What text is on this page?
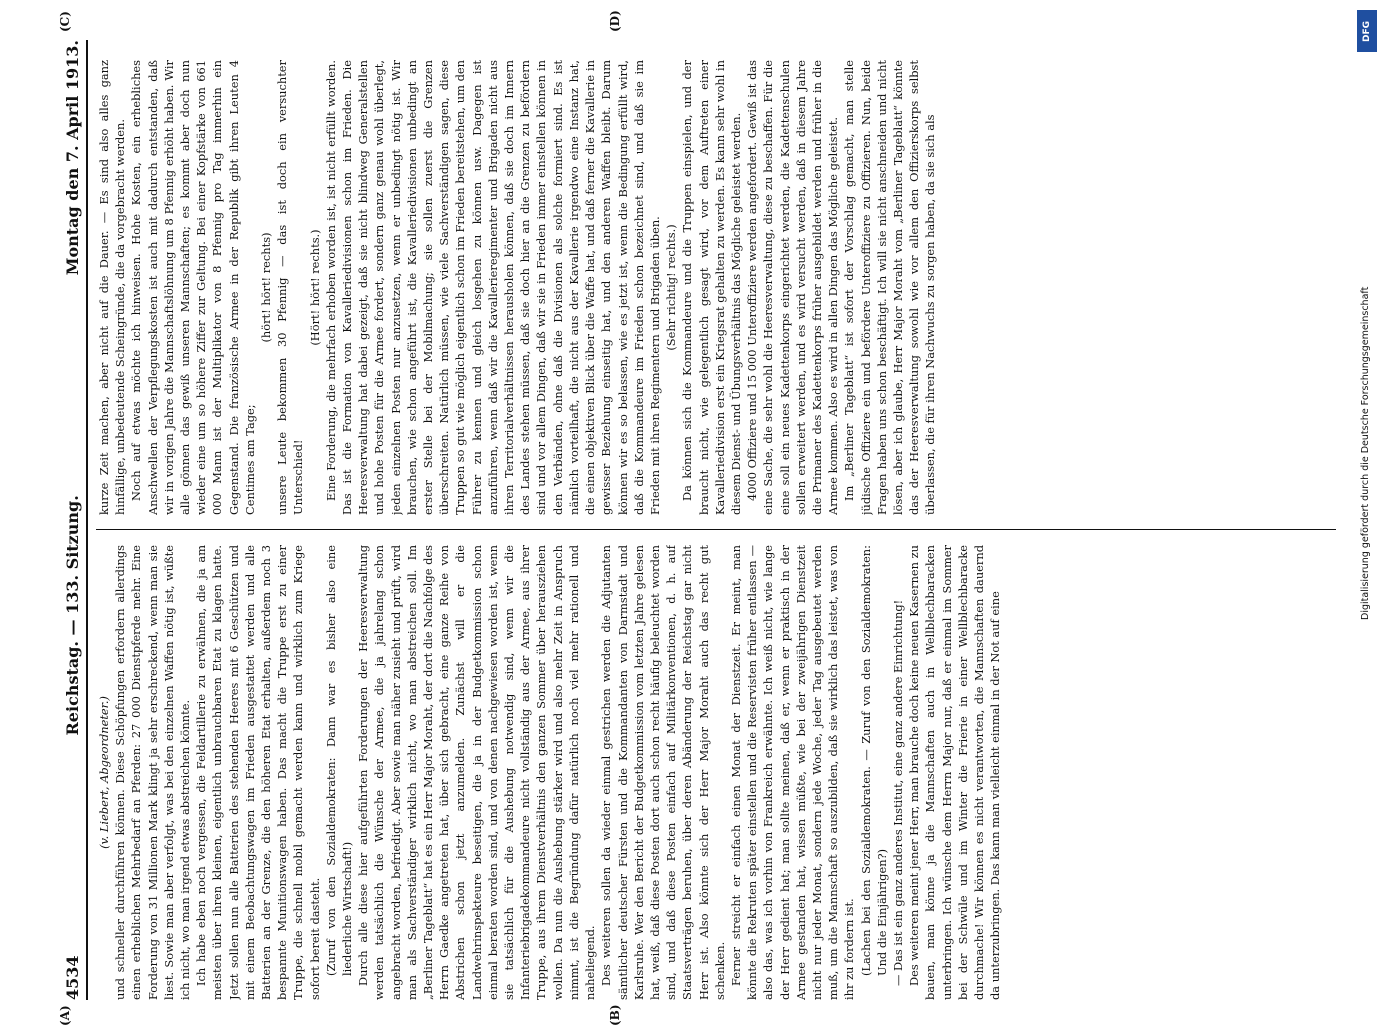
4534
Reichstag. — 133. Sitzung.
Montag den 7. April 1913.
(A)	(B)
(C)	(D)

(v. Liebert, Abgeordneter.) und schneller durchführen können. Diese Schöpfungen erfordern allerdings einen erheblichen Mehrbedarf an Pferden: 27 000 Dienstpferde mehr. Eine Forderung von 31 Millionen Mark klingt ja sehr erschreckend, wenn man sie liest. Sowie man aber verfolgt, was bei den einzelnen Waffen nötig ist, wüßte ich nicht, wo man irgend etwas abstreichen könnte. Ich habe eben noch vergessen, die Feldartillerie zu erwähnen, die ja am meisten über ihren kleinen, eigentlich unbrauchbaren Etat zu klagen hatte. Jetzt sollen nun alle Batterien des stehenden Heeres mit 6 Geschützen und mit einem Beobachtungswagen im Frieden ausgestattet werden und alle Batterien an der Grenze, die den höheren Etat erhalten, außerdem noch 3 bespannte Munitionswagen haben. Das macht die Truppe erst zu einer Truppe, die schnell mobil gemacht werden kann und wirklich zum Kriege sofort bereit dasteht. (Zuruf von den Sozialdemokraten: Dann war es bisher also eine liederliche Wirtschaft!) Durch alle diese hier aufgeführten Forderungen der Heeresverwaltung werden tatsächlich die Wünsche der Armee, die ja jahrelang schon angebracht worden, befriedigt. Aber sowie man näher zusieht und prüft, wird man als Sachverständiger wirklich nicht, wo man abstreichen soll. Im „Berliner Tageblatt“ hat es ein Herr Major Moraht, der dort die Nachfolge des Herrn Gaedke angetreten hat, über sich gebracht, eine ganze Reihe von Abstrichen schon jetzt anzumelden. Zunächst will er die Landwehrinspekteure beseitigen, die ja in der Budgetkommission schon einmal beraten worden sind, und von denen nachgewiesen worden ist, wenn sie tatsächlich für die Aushebung notwendig sind, wenn wir die Infanteriebrigadekommandeure nicht vollständig aus der Armee, aus ihrer Truppe, aus ihrem Dienstverhältnis den ganzen Sommer über herausziehen wollen. Da nun die Aushebung stärker wird und also mehr Zeit in Anspruch nimmt, ist die Begründung dafür natürlich noch viel mehr rationell und naheliegend. Des weiteren sollen da wieder einmal gestrichen werden die Adjutanten sämtlicher deutscher Fürsten und die Kommandanten von Darmstadt und Karlsruhe. Wer den Bericht der Budgetkommission vom letzten Jahre gelesen hat, weiß, daß diese Posten dort auch schon recht häufig beleuchtet worden sind, und daß diese Posten einfach auf Militärkonventionen, d. h. auf Staatsverträgen beruhen, über deren Abänderung der Reichstag gar nicht Herr ist. Also könnte sich der Herr Major Moraht auch das recht gut schenken. Ferner streicht er einfach einen Monat der Dienstzeit. Er meint, man könnte die Rekruten später einstellen und die Reservisten früher entlassen — also das, was ich vorhin von Frankreich erwähnte. Ich weiß nicht, wie lange der Herr gedient hat; man sollte meinen, daß er, wenn er praktisch in der Armee gestanden hat, wissen müßte, wie bei der zweijährigen Dienstzeit nicht nur jeder Monat, sondern jede Woche, jeder Tag ausgebeutet werden muß, um die Mannschaft so auszubilden, daß sie wirklich das leistet, was von ihr zu fordern ist. (Lachen bei den Sozialdemokraten. — Zuruf von den Sozialdemokraten: Und die Einjährigen?) — Das ist ein ganz anderes Institut, eine ganz andere Einrichtung! Des weiteren meint jener Herr, man brauche doch keine neuen Kasernen zu bauen, man könne ja die Mannschaften auch in Wellblechbaracken unterbringen. Ich wünsche dem Herrn Major nur, daß er einmal im Sommer bei der Schwüle und im Winter die Frierie in einer Wellblechbaracke durchmache! Wir können es nicht verantworten, die Mannschaften dauernd da unterzubringen. Das kann man vielleicht einmal in der Not auf eine

kurze Zeit machen, aber nicht auf die Dauer. — Es sind also alles ganz hinfällige, unbedeutende Scheingründe, die da vorgebracht werden. Noch auf etwas möchte ich hinweisen. Hohe Kosten, ein erhebliches Anschwellen der Verpflegungskosten ist auch mit dadurch entstanden, daß wir in vorigen Jahre die Mannschaftslöhnung um 8 Pfennig erhöht haben. Wir alle gönnen das gewiß unseren Mannschaften; es kommt aber doch nun wieder eine um so höhere Ziffer zur Geltung. Bei einer Kopfstärke von 661 000 Mann ist der Multiplikator von 8 Pfennig pro Tag immerhin ein Gegenstand. Die französische Armee in der Republik gibt ihren Leuten 4 Centimes am Tage;

(hört! hört! rechts) unsere Leute bekommen 30 Pfennig — das ist doch ein versuchter Unterschied!

(Hört! hört! rechts.) Eine Forderung, die mehrfach erhoben worden ist, ist nicht erfüllt worden. Das ist die Formation von Kavalleriedivisionen schon im Frieden. Die Heeresverwaltung hat dabei gezeigt, daß sie nicht blindweg Generalstellen und hohe Posten für die Armee fordert, sondern ganz genau wohl überlegt, jeden einzelnen Posten nur anzusetzen, wenn er unbedingt nötig ist. Wir brauchen, wie schon angeführt ist, die Kavalleriedivisionen unbedingt an erster Stelle bei der Mobilmachung; sie sollen zuerst die Grenzen überschreiten. Natürlich müssen, wie viele Sachverständigen sagen, diese Truppen so gut wie möglich eigentlich schon im Frieden bereitstehen, um den Führer zu kennen und gleich losgehen zu können usw. Dagegen ist anzuführen, wenn daß wir die Kavallerieregimenter und Brigaden nicht aus ihren Territorialverhältnissen herausholen können, daß sie doch im Innern des Landes stehen müssen, daß sie doch hier an die Grenzen zu befördern sind und vor allem Dingen, daß wir sie in Frieden immer einstellen können in den Verbänden, ohne daß die Divisionen als solche formiert sind. Es ist nämlich vorteilhaft, die nicht aus der Kavallerie irgendwo eine Instanz hat, die einen objektiven Blick über die Waffe hat, und daß ferner die Kavallerie in gewisser Beziehung einseitig hat, und den anderen Waffen bleibt. Darum können wir es so belassen, wie es jetzt ist, wenn die Bedingung erfüllt wird, daß die Kommandeure im Frieden schon bezeichnet sind, und daß sie im Frieden mit ihren Regimentern und Brigaden üben. (Sehr richtig! rechts.) Da können sich die Kommandeure und die Truppen einspielen, und der braucht nicht, wie gelegentlich gesagt wird, vor dem Auftreten einer Kavalleriedivision erst ein Kriegsrat gehalten zu werden. Es kann sehr wohl in diesem Dienst- und Übungsverhältnis das Mögliche geleistet werden. 4000 Offiziere und 15 000 Unteroffiziere werden angefordert. Gewiß ist das eine Sache, die sehr wohl die Heeresverwaltung, diese zu beschaffen. Für die eine soll ein neues Kadettenkorps eingerichtet werden, die Kadettenschulen sollen erweitert werden, und es wird versucht werden, daß in diesem Jahre die Primaner des Kadettenkorps früher ausgebildet werden und früher in die Armee kommen. Also es wird in allen Dingen das Mögliche geleistet. Im „Berliner Tageblatt“ ist sofort der Vorschlag gemacht, man stelle jüdische Offiziere ein und befördere Unteroffiziere zu Offizieren. Nun, beide Fragen haben uns schon beschäftigt. Ich will sie nicht anschneiden und nicht lösen, aber ich glaube, Herr Major Moraht vom „Berliner Tageblatt“ könnte das der Heeresverwaltung sowohl wie vor allem den Offizierskorps selbst überlassen, die für ihren Nachwuchs zu sorgen haben, da sie sich als

DFG
Digitalisierung gefördert durch die Deutsche Forschungsgemeinschaft
